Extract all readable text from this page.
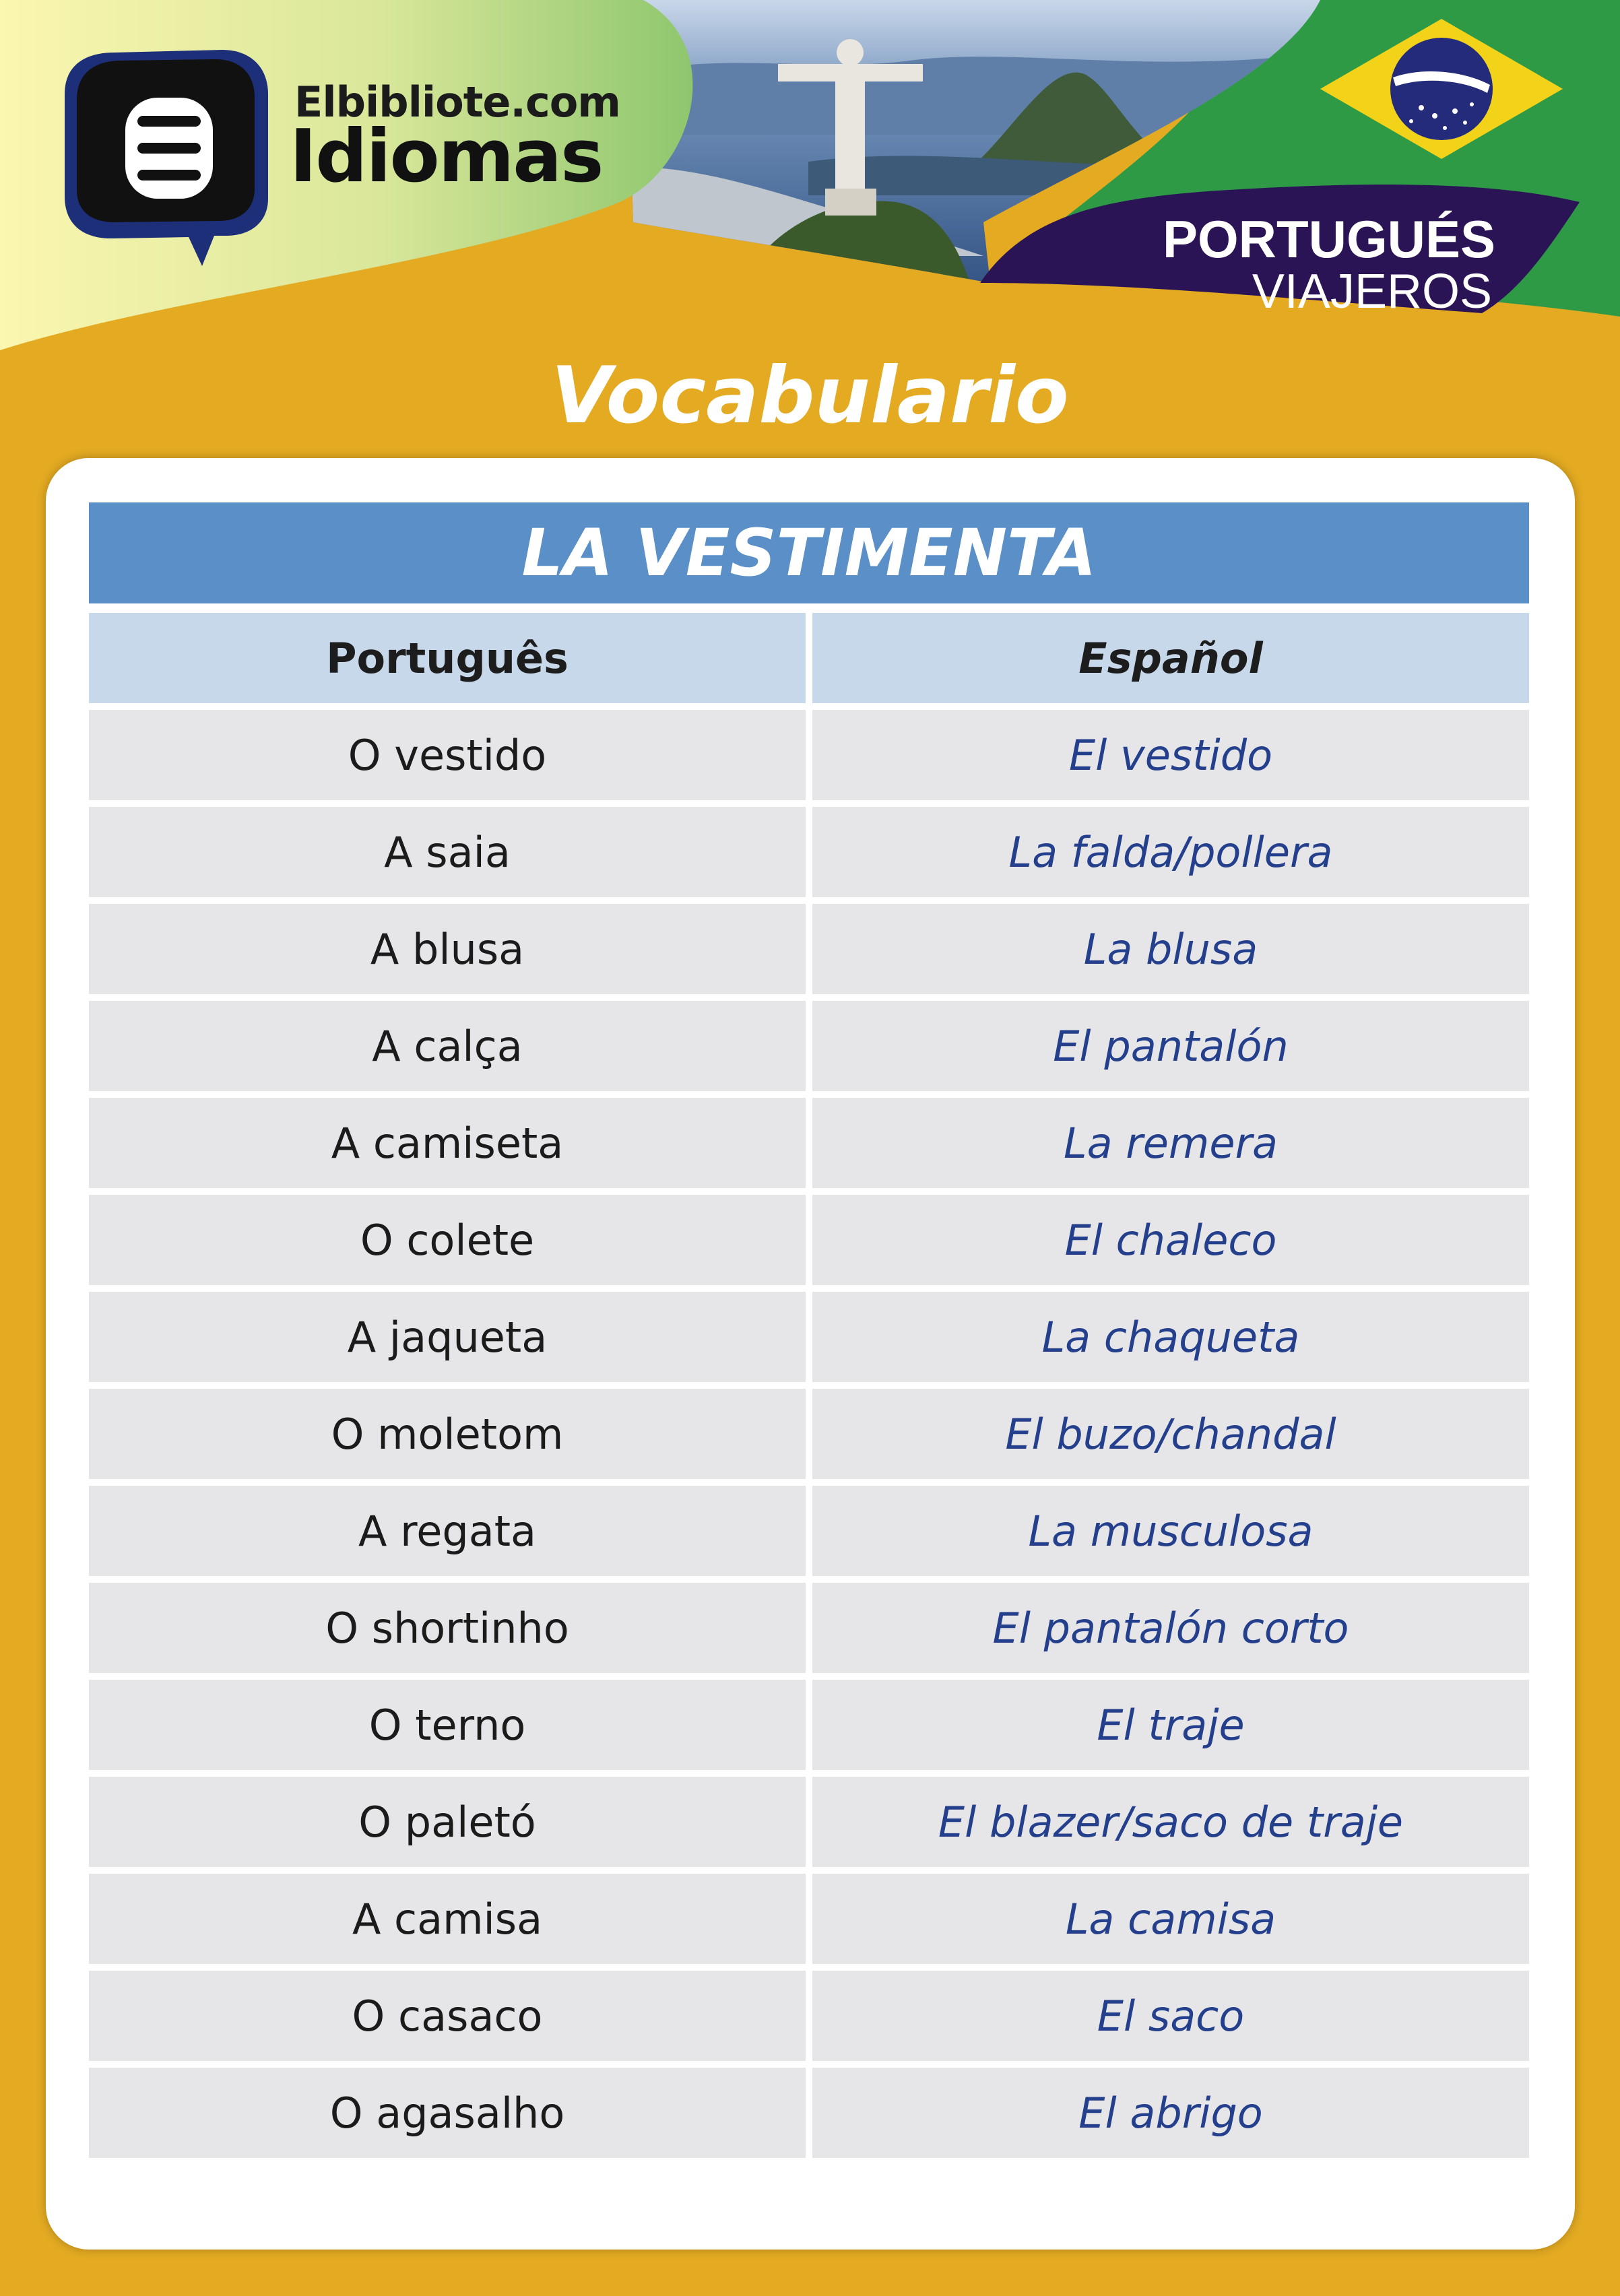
Elbibliote.com
Idiomas
PORTUGUÉS
VIAJEROS
Vocabulario
LA VESTIMENTA
Português	Español
O vestido	El vestido
A saia	La falda/pollera
A blusa	La blusa
A calça	El pantalón
A camiseta	La remera
O colete	El chaleco
A jaqueta	La chaqueta
O moletom	El buzo/chandal
A regata	La musculosa
O shortinho	El pantalón corto
O terno	El traje
O paletó	El blazer/saco de traje
A camisa	La camisa
O casaco	El saco
O agasalho	El abrigo
